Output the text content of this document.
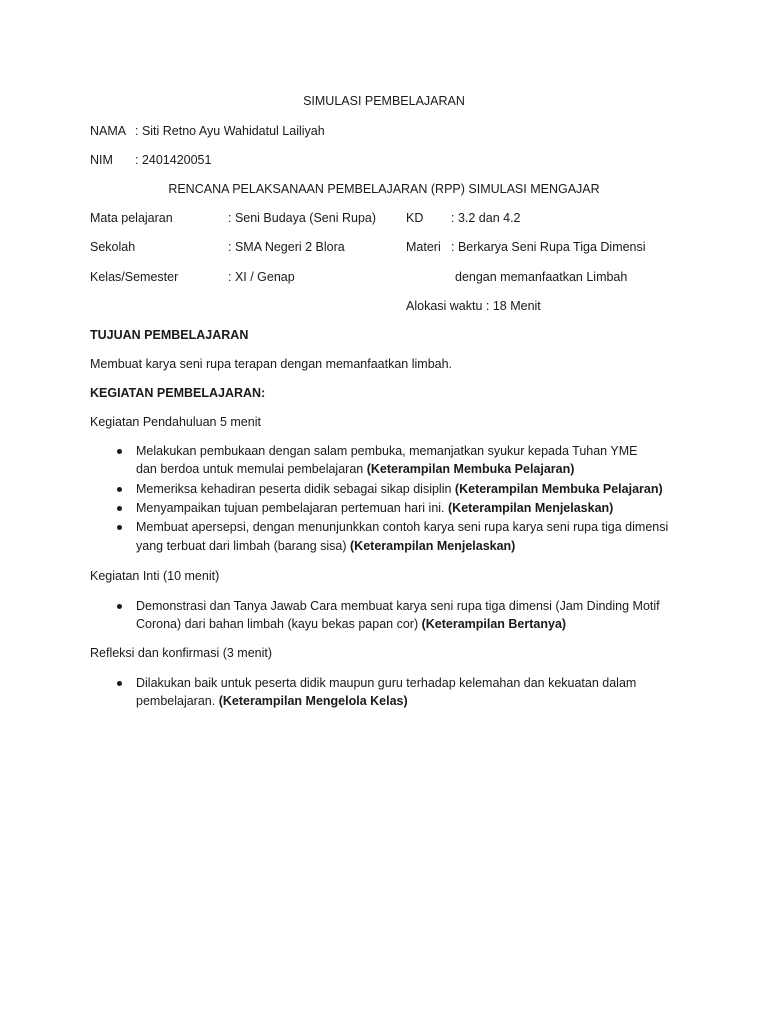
SIMULASI PEMBELAJARAN
NAMA : Siti Retno Ayu Wahidatul Lailiyah
NIM : 2401420051
RENCANA PELAKSANAAN PEMBELAJARAN (RPP) SIMULASI MENGAJAR
Mata pelajaran	: Seni Budaya (Seni Rupa) KD : 3.2 dan 4.2
Sekolah	: SMA Negeri 2 Blora	Materi : Berkarya Seni Rupa Tiga Dimensi
Kelas/Semester	: XI / Genap	dengan memanfaatkan Limbah
Alokasi waktu : 18 Menit
TUJUAN PEMBELAJARAN
Membuat karya seni rupa terapan dengan memanfaatkan limbah.
KEGIATAN PEMBELAJARAN:
Kegiatan Pendahuluan 5 menit
Melakukan pembukaan dengan salam pembuka, memanjatkan syukur kepada Tuhan YME
dan berdoa untuk memulai pembelajaran (Keterampilan Membuka Pelajaran)
Memeriksa kehadiran peserta didik sebagai sikap disiplin (Keterampilan Membuka Pelajaran)
Menyampaikan tujuan pembelajaran pertemuan hari ini. (Keterampilan Menjelaskan)
Membuat apersepsi, dengan menunjunkkan contoh karya seni rupa karya seni rupa tiga dimensi
yang terbuat dari limbah (barang sisa) (Keterampilan Menjelaskan)
Kegiatan Inti (10 menit)
Demonstrasi dan Tanya Jawab Cara membuat karya seni rupa tiga dimensi (Jam Dinding Motif
Corona) dari bahan limbah (kayu bekas papan cor) (Keterampilan Bertanya)
Refleksi dan konfirmasi (3 menit)
Dilakukan baik untuk peserta didik maupun guru terhadap kelemahan dan kekuatan dalam
pembelajaran. (Keterampilan Mengelola Kelas)
